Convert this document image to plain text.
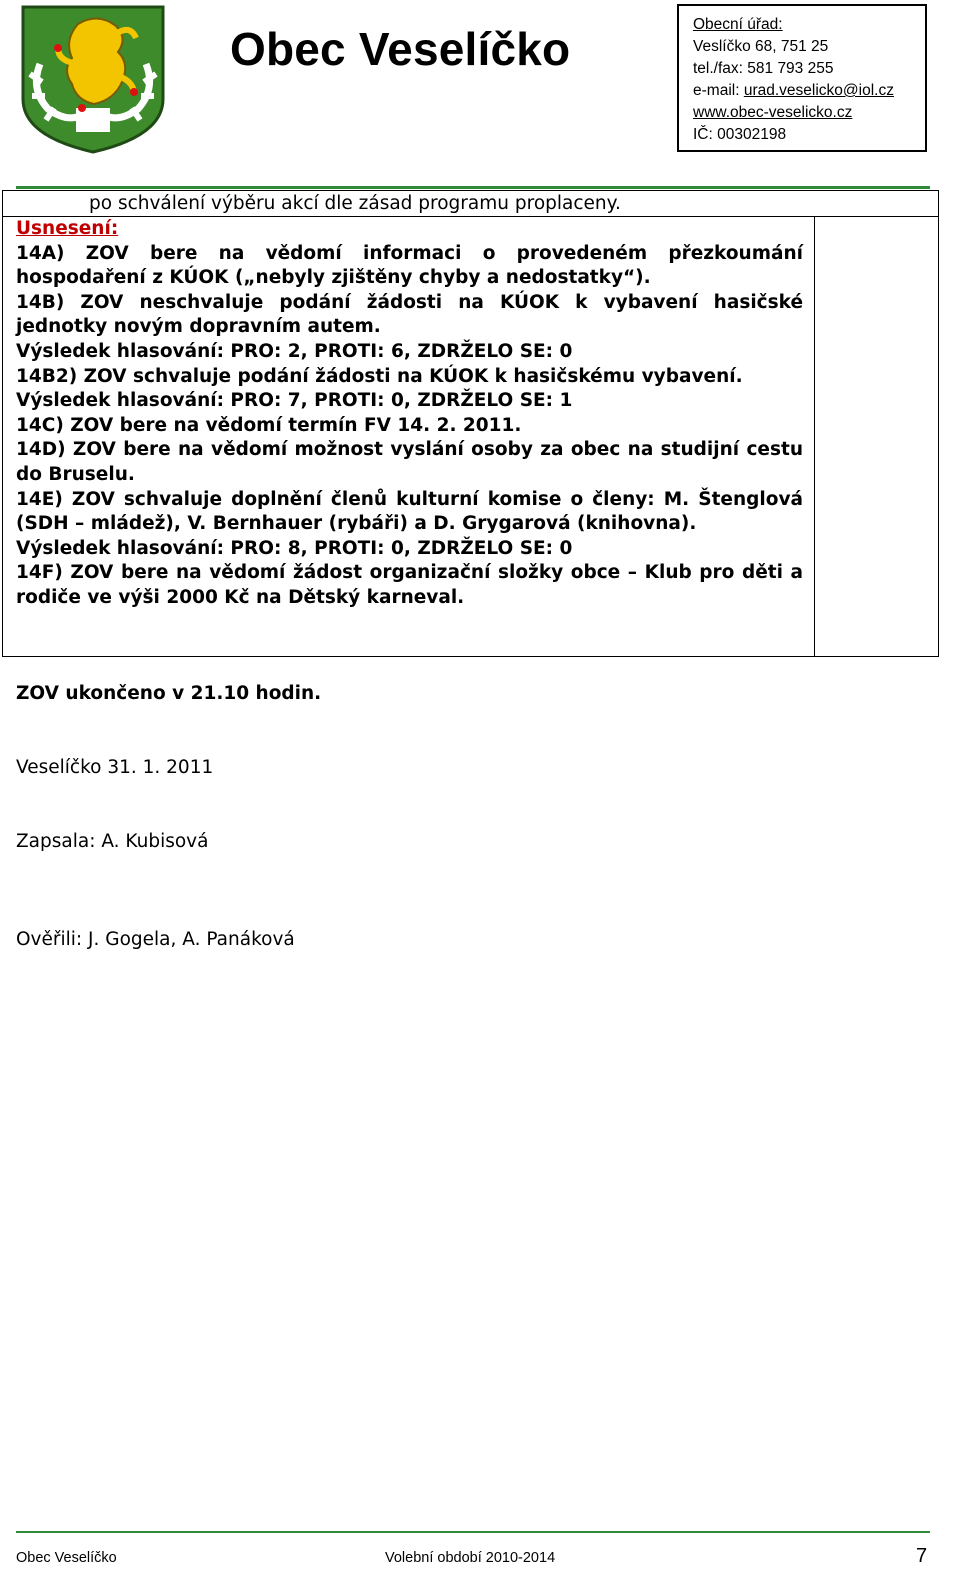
Obec Veselíčko	Obecní úřad:
Veslíčko 68, 751 25
tel./fax: 581 793 255
e-mail: urad.veselicko@iol.cz
www.obec-veselicko.cz
IČ: 00302198
po schválení výběru akcí dle zásad programu proplaceny.

Usnesení:

14A) ZOV bere na vědomí informaci o provedeném přezkoumání hospodaření z KÚOK („nebyly zjištěny chyby a nedostatky“).

14B) ZOV neschvaluje podání žádosti na KÚOK k vybavení hasičské jednotky novým dopravním autem.

Výsledek hlasování: PRO: 2, PROTI: 6, ZDRŽELO SE: 0

14B2) ZOV schvaluje podání žádosti na KÚOK k hasičskému vybavení.

Výsledek hlasování: PRO: 7, PROTI: 0, ZDRŽELO SE: 1

14C) ZOV bere na vědomí termín FV 14. 2. 2011.

14D) ZOV bere na vědomí možnost vyslání osoby za obec na studijní cestu do Bruselu.

14E) ZOV schvaluje doplnění členů kulturní komise o členy: M. Štenglová (SDH – mládež), V. Bernhauer (rybáři) a D. Grygarová (knihovna).

Výsledek hlasování: PRO: 8, PROTI: 0, ZDRŽELO SE: 0

14F) ZOV bere na vědomí žádost organizační složky obce – Klub pro děti a rodiče ve výši 2000 Kč na Dětský karneval.

ZOV ukončeno v 21.10 hodin.
Veselíčko 31. 1. 2011
Zapsala: A. Kubisová
Ověřili: J. Gogela, A. Panáková
Obec Veselíčko	Volební období 2010-2014	7
